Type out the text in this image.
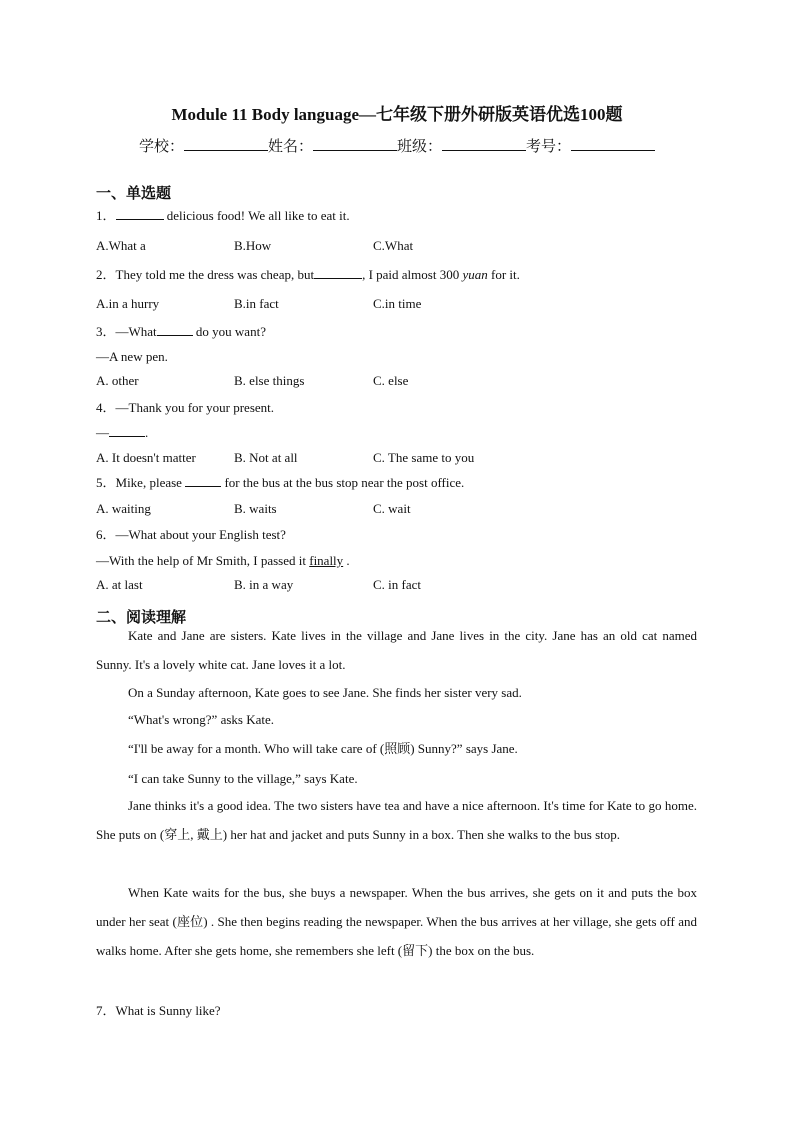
Module 11 Body language—七年级下册外研版英语优选100题
学校：	姓名：	班级：	考号：
一、单选题
1．	delicious food! We all like to eat it.
A.What a	B.How	C.What
2．They told me the dress was cheap, but	, I paid almost 300 yuan for it.
A.in a hurry	B.in fact	C.in time
3．—What	do you want?
—A new pen.
A. other	B. else things	C. else
4．—Thank you for your present.
—	.
A. It doesn't matter	B. Not at all	C. The same to you
5．Mike, please	for the bus at the bus stop near the post office.
A. waiting	B. waits	C. wait
6．—What about your English test?
—With the help of Mr Smith, I passed it finally .
A. at last	B. in a way	C. in fact
二、阅读理解
Kate and Jane are sisters. Kate lives in the village and Jane lives in the city. Jane has an old cat named Sunny. It's a lovely white cat. Jane loves it a lot.
On a Sunday afternoon, Kate goes to see Jane. She finds her sister very sad.
“What's wrong?” asks Kate.
“I'll be away for a month. Who will take care of (照顾) Sunny?” says Jane.
“I can take Sunny to the village,” says Kate.
Jane thinks it's a good idea. The two sisters have tea and have a nice afternoon. It's time for Kate to go home. She puts on (穿上, 戴上) her hat and jacket and puts Sunny in a box. Then she walks to the bus stop.
When Kate waits for the bus, she buys a newspaper. When the bus arrives, she gets on it and puts the box under her seat (座位) . She then begins reading the newspaper. When the bus arrives at her village, she gets off and walks home. After she gets home, she remembers she left (留下) the box on the bus.
7．What is Sunny like?
